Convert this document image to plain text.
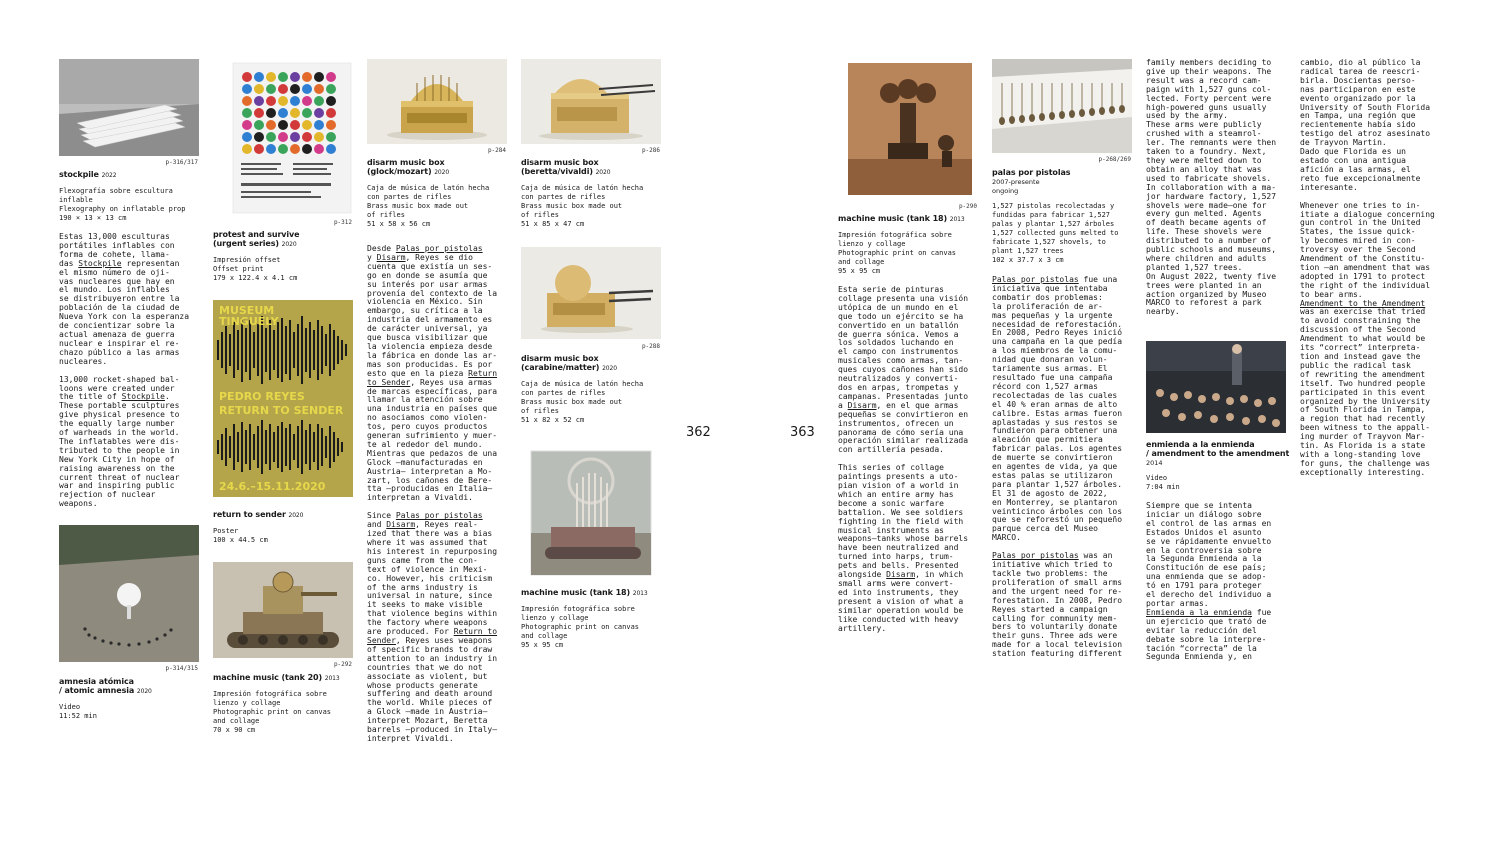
p-316/317

stockpile 2022

Flexografía sobre escultura
inflable
Flexography on inflatable prop
190 × 13 × 13 cm

Estas 13,000 esculturas
portátiles inflables con
forma de cohete, llama-
das Stockpile representan
el mismo número de oji-
vas nucleares que hay en
el mundo. Los inflables
se distribuyeron entre la
población de la ciudad de
Nueva York con la esperanza
de concientizar sobre la
actual amenaza de guerra
nuclear e inspirar el re-
chazo público a las armas
nucleares.

13,000 rocket-shaped bal-
loons were created under
the title of Stockpile.
These portable sculptures
give physical presence to
the equally large number
of warheads in the world.
The inflatables were dis-
tributed to the people in
New York City in hope of
raising awareness on the
current threat of nuclear
war and inspiring public
rejection of nuclear
weapons.

p-314/315

amnesia atómica

/ atomic amnesia 2020

Video
11:52 min

p-312

protest and survive

(urgent series) 2020

Impresión offset
Offset print
179 x 122.4 x 4.1 cm

MUSEUM
TINGUELY
PEDRO REYES
RETURN TO SENDER
24.6.–15.11.2020

return to sender 2020

Poster
100 x 44.5 cm

p-292

machine music (tank 20) 2013

Impresión fotográfica sobre
lienzo y collage
Photographic print on canvas
and collage
70 x 90 cm

p-284

disarm music box

(glock/mozart) 2020

Caja de música de latón hecha
con partes de rifles
Brass music box made out
of rifles
51 x 58 x 56 cm

Desde Palas por pistolas
y Disarm, Reyes se dio
cuenta que existía un ses-
go en donde se asumía que
su interés por usar armas
provenía del contexto de la
violencia en México. Sin
embargo, su crítica a la
industria del armamento es
de carácter universal, ya
que busca visibilizar que
la violencia empieza desde
la fábrica en donde las ar-
mas son producidas. Es por
esto que en la pieza Return
to Sender, Reyes usa armas
de marcas específicas, para
llamar la atención sobre
una industria en países que
no asociamos como violen-
tos, pero cuyos productos
generan sufrimiento y muer-
te al rededor del mundo.
Mientras que pedazos de una
Glock –manufacturadas en
Austria– interpretan a Mo-
zart, los cañones de Bere-
tta –producidas en Italia–
interpretan a Vivaldi.

Since Palas por pistolas
and Disarm, Reyes real-
ized that there was a bias
where it was assumed that
his interest in repurposing
guns came from the con-
text of violence in Mexi-
co. However, his criticism
of the arms industry is
universal in nature, since
it seeks to make visible
that violence begins within
the factory where weapons
are produced. For Return to
Sender, Reyes uses weapons
of specific brands to draw
attention to an industry in
countries that we do not
associate as violent, but
whose products generate
suffering and death around
the world. While pieces of
a Glock –made in Austria–
interpret Mozart, Beretta
barrels –produced in Italy–
interpret Vivaldi.

p-286

disarm music box

(beretta/vivaldi) 2020

Caja de música de latón hecha
con partes de rifles
Brass music box made out
of rifles
51 x 85 x 47 cm

p-288

disarm music box

(carabine/matter) 2020

Caja de música de latón hecha
con partes de rifles
Brass music box made out
of rifles
51 x 82 x 52 cm

machine music (tank 18) 2013

Impresión fotográfica sobre
lienzo y collage
Photographic print on canvas
and collage
95 x 95 cm

362	363
p-290

machine music (tank 18) 2013

Impresión fotográfica sobre
lienzo y collage
Photographic print on canvas
and collage
95 x 95 cm

Esta serie de pinturas
collage presenta una visión
utópica de un mundo en el
que todo un ejército se ha
convertido en un batallón
de guerra sónica. Vemos a
los soldados luchando en
el campo con instrumentos
musicales como armas, tan-
ques cuyos cañones han sido
neutralizados y converti-
dos en arpas, trompetas y
campanas. Presentadas junto
a Disarm, en el que armas
pequeñas se convirtieron en
instrumentos, ofrecen un
panorama de cómo sería una
operación similar realizada
con artillería pesada.

This series of collage
paintings presents a uto-
pian vision of a world in
which an entire army has
become a sonic warfare
battalion. We see soldiers
fighting in the field with
musical instruments as
weapons–tanks whose barrels
have been neutralized and
turned into harps, trum-
pets and bells. Presented
alongside Disarm, in which
small arms were convert-
ed into instruments, they
present a vision of what a
similar operation would be
like conducted with heavy
artillery.

p-268/269

palas por pistolas

2007-presente

ongoing

1,527 pistolas recolectadas y
fundidas para fabricar 1,527
palas y plantar 1,527 árboles
1,527 collected guns melted to
fabricate 1,527 shovels, to
plant 1,527 trees
102 x 37.7 x 3 cm

Palas por pistolas fue una
iniciativa que intentaba
combatir dos problemas:
la proliferación de ar-
mas pequeñas y la urgente
necesidad de reforestación.
En 2008, Pedro Reyes inició
una campaña en la que pedía
a los miembros de la comu-
nidad que donaran volun-
tariamente sus armas. El
resultado fue una campaña
récord con 1,527 armas
recolectadas de las cuales
el 40 % eran armas de alto
calibre. Estas armas fueron
aplastadas y sus restos se
fundieron para obtener una
aleación que permitiera
fabricar palas. Los agentes
de muerte se convirtieron
en agentes de vida, ya que
estas palas se utilizaron
para plantar 1,527 árboles.
El 31 de agosto de 2022,
en Monterrey, se plantaron
veinticinco árboles con los
que se reforestó un pequeño
parque cerca del Museo
MARCO.

Palas por pistolas was an
initiative which tried to
tackle two problems: the
proliferation of small arms
and the urgent need for re-
forestation. In 2008, Pedro
Reyes started a campaign
calling for community mem-
bers to voluntarily donate
their guns. Three ads were
made for a local television
station featuring different

family members deciding to
give up their weapons. The
result was a record cam-
paign with 1,527 guns col-
lected. Forty percent were
high-powered guns usually
used by the army.
These arms were publicly
crushed with a steamrol-
ler. The remnants were then
taken to a foundry. Next,
they were melted down to
obtain an alloy that was
used to fabricate shovels.
In collaboration with a ma-
jor hardware factory, 1,527
shovels were made–one for
every gun melted. Agents
of death became agents of
life. These shovels were
distributed to a number of
public schools and museums,
where children and adults
planted 1,527 trees.
On August 2022, twenty five
trees were planted in an
action organized by Museo
MARCO to reforest a park
nearby.

enmienda a la enmienda

/ amendment to the amendment

2014

Video
7:04 min

Siempre que se intenta
iniciar un diálogo sobre
el control de las armas en
Estados Unidos el asunto
se ve rápidamente envuelto
en la controversia sobre
la Segunda Enmienda a la
Constitución de ese país;
una enmienda que se adop-
tó en 1791 para proteger
el derecho del individuo a
portar armas.
Enmienda a la enmienda fue
un ejercicio que trató de
evitar la reducción del
debate sobre la interpre-
tación “correcta” de la
Segunda Enmienda y, en

cambio, dio al público la
radical tarea de reescri-
birla. Doscientas perso-
nas participaron en este
evento organizado por la
University of South Florida
en Tampa, una región que
recientemente había sido
testigo del atroz asesinato
de Trayvon Martin.
Dado que Florida es un
estado con una antigua
afición a las armas, el
reto fue excepcionalmente
interesante.

Whenever one tries to in-
itiate a dialogue concerning
gun control in the United
States, the issue quick-
ly becomes mired in con-
troversy over the Second
Amendment of the Constitu-
tion –an amendment that was
adopted in 1791 to protect
the right of the individual
to bear arms.
Amendment to the Amendment
was an exercise that tried
to avoid constraining the
discussion of the Second
Amendment to what would be
its “correct” interpreta-
tion and instead gave the
public the radical task
of rewriting the amendment
itself. Two hundred people
participated in this event
organized by the University
of South Florida in Tampa,
a region that had recently
been witness to the appall-
ing murder of Trayvon Mar-
tin. As Florida is a state
with a long-standing love
for guns, the challenge was
exceptionally interesting.
